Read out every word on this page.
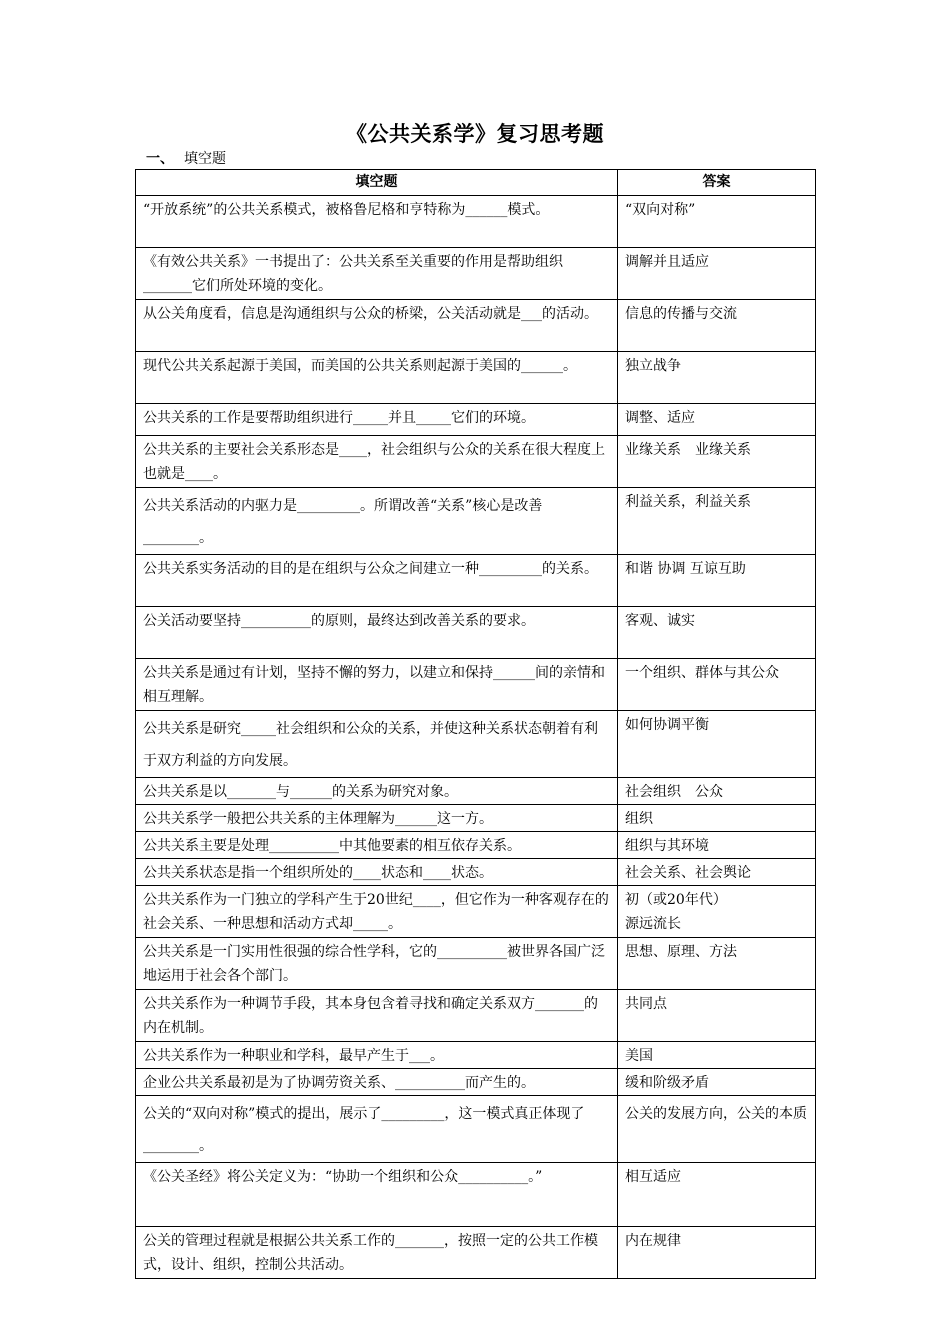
《公共关系学》复习思考题
一、 填空题
填空题	答案
“开放系统”的公共关系模式，被格鲁尼格和亨特称为______模式。	“双向对称”
《有效公共关系》一书提出了：公共关系至关重要的作用是帮助组织_______它们所处环境的变化。	调解并且适应
从公关角度看，信息是沟通组织与公众的桥梁，公关活动就是___的活动。	信息的传播与交流
现代公共关系起源于美国，而美国的公共关系则起源于美国的______。	独立战争
公共关系的工作是要帮助组织进行_____并且_____它们的环境。	调整、适应
公共关系的主要社会关系形态是____，社会组织与公众的关系在很大程度上也就是____。	业缘关系　业缘关系
公共关系活动的内驱力是_________。所谓改善“关系”核心是改善________。	利益关系，利益关系
公共关系实务活动的目的是在组织与公众之间建立一种_________的关系。	和谐 协调 互谅互助
公关活动要坚持__________的原则，最终达到改善关系的要求。	客观、诚实
公共关系是通过有计划，坚持不懈的努力，以建立和保持______间的亲情和相互理解。	一个组织、群体与其公众
公共关系是研究_____社会组织和公众的关系，并使这种关系状态朝着有利于双方利益的方向发展。	如何协调平衡
公共关系是以_______与______的关系为研究对象。	社会组织　公众
公共关系学一般把公共关系的主体理解为______这一方。	组织
公共关系主要是处理__________中其他要素的相互依存关系。	组织与其环境
公共关系状态是指一个组织所处的____状态和____状态。	社会关系、社会舆论
公共关系作为一门独立的学科产生于20世纪____，但它作为一种客观存在的社会关系、一种思想和活动方式却_____。	初（或20年代）
源远流长
公共关系是一门实用性很强的综合性学科，它的__________被世界各国广泛地运用于社会各个部门。	思想、原理、方法
公共关系作为一种调节手段，其本身包含着寻找和确定关系双方_______的内在机制。	共同点
公共关系作为一种职业和学科，最早产生于___。	美国
企业公共关系最初是为了协调劳资关系、__________而产生的。	缓和阶级矛盾
公关的“双向对称”模式的提出，展示了_________，这一模式真正体现了________。	公关的发展方向，公关的本质
《公关圣经》将公关定义为：“协助一个组织和公众__________。”	相互适应
公关的管理过程就是根据公共关系工作的_______，按照一定的公共工作模式，设计、组织，控制公共活动。	内在规律
